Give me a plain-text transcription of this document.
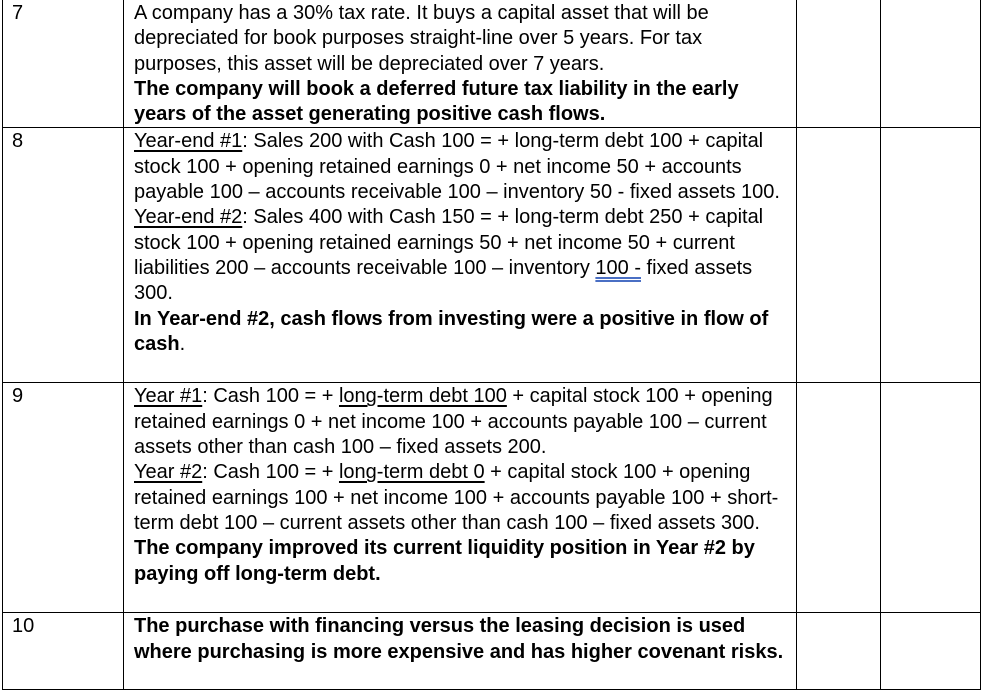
7	A company has a 30% tax rate. It buys a capital asset that will be depreciated for book purposes straight-line over 5 years. For tax purposes, this asset will be depreciated over 7 years.
The company will book a deferred future tax liability in the early years of the asset generating positive cash flows.		
8	Year-end #1: Sales 200 with Cash 100 = + long-term debt 100 + capital stock 100 + opening retained earnings 0 + net income 50 + accounts payable 100 – accounts receivable 100 – inventory 50 - fixed assets 100.
Year-end #2: Sales 400 with Cash 150 = + long-term debt 250 + capital stock 100 + opening retained earnings 50 + net income 50 + current liabilities 200 – accounts receivable 100 – inventory 100 - fixed assets 300.
In Year-end #2, cash flows from investing were a positive in flow of cash.		
9	Year #1: Cash 100 = + long-term debt 100 + capital stock 100 + opening retained earnings 0 + net income 100 + accounts payable 100 – current assets other than cash 100 – fixed assets 200.
Year #2: Cash 100 = + long-term debt 0 + capital stock 100 + opening retained earnings 100 + net income 100 + accounts payable 100 + short-term debt 100 – current assets other than cash 100 – fixed assets 300.
The company improved its current liquidity position in Year #2 by paying off long-term debt.		
10	The purchase with financing versus the leasing decision is used where purchasing is more expensive and has higher covenant risks.		
